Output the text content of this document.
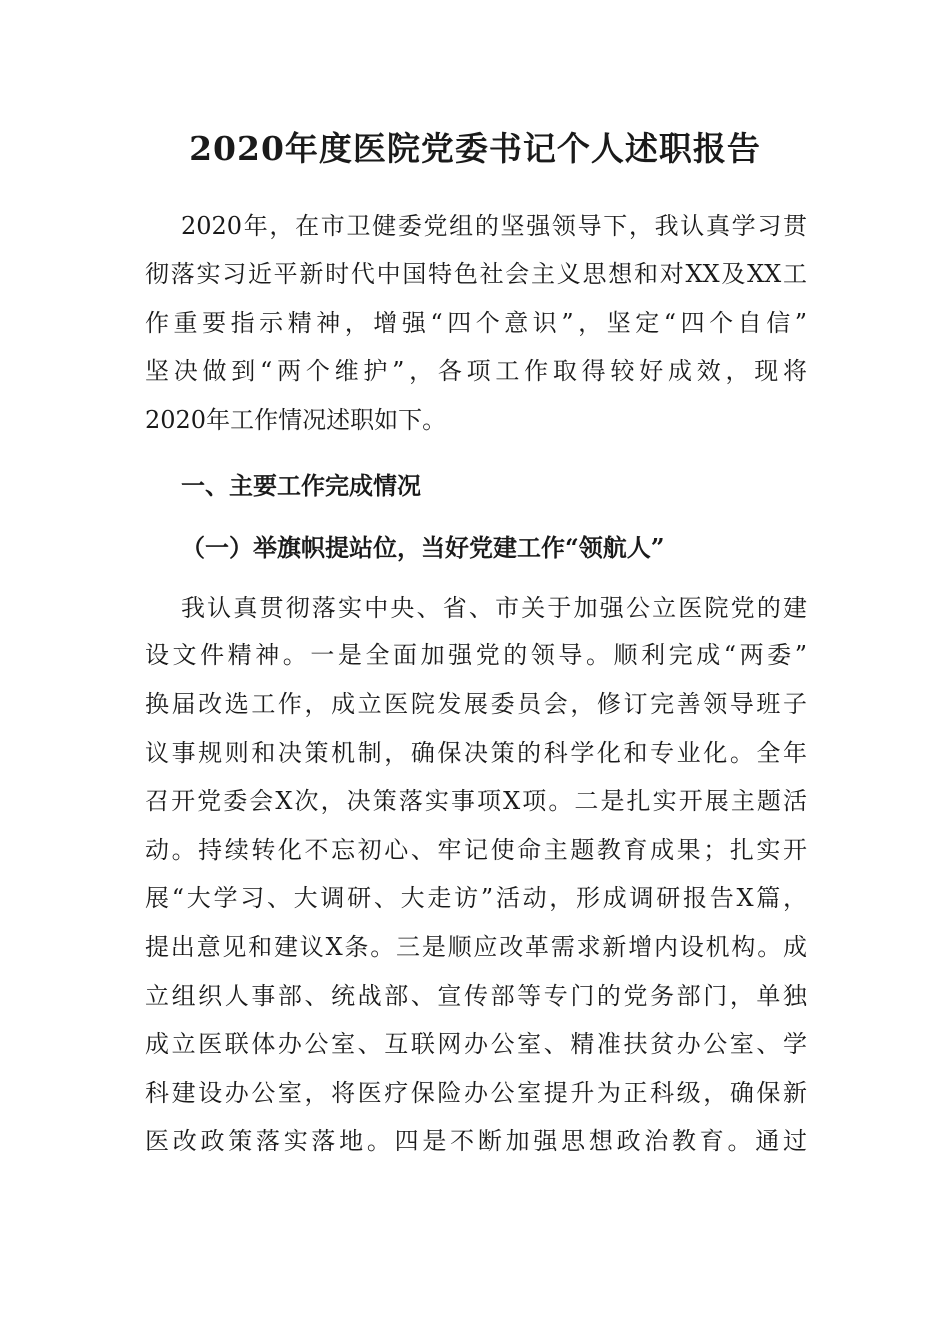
2020年度医院党委书记个人述职报告
2020年，在市卫健委党组的坚强领导下，我认真学习贯
彻落实习近平新时代中国特色社会主义思想和对XX及XX工
作重要指示精神，增强“四个意识”，坚定“四个自信”
坚决做到“两个维护”，各项工作取得较好成效，现将
2020年工作情况述职如下。
一、主要工作完成情况
（一）举旗帜提站位，当好党建工作“领航人”
我认真贯彻落实中央、省、市关于加强公立医院党的建
设文件精神。一是全面加强党的领导。顺利完成“两委”
换届改选工作，成立医院发展委员会，修订完善领导班子
议事规则和决策机制，确保决策的科学化和专业化。全年
召开党委会X次，决策落实事项X项。二是扎实开展主题活
动。持续转化不忘初心、牢记使命主题教育成果；扎实开
展“大学习、大调研、大走访”活动，形成调研报告X篇，
提出意见和建议X条。三是顺应改革需求新增内设机构。成
立组织人事部、统战部、宣传部等专门的党务部门，单独
成立医联体办公室、互联网办公室、精准扶贫办公室、学
科建设办公室，将医疗保险办公室提升为正科级，确保新
医改政策落实落地。四是不断加强思想政治教育。通过
